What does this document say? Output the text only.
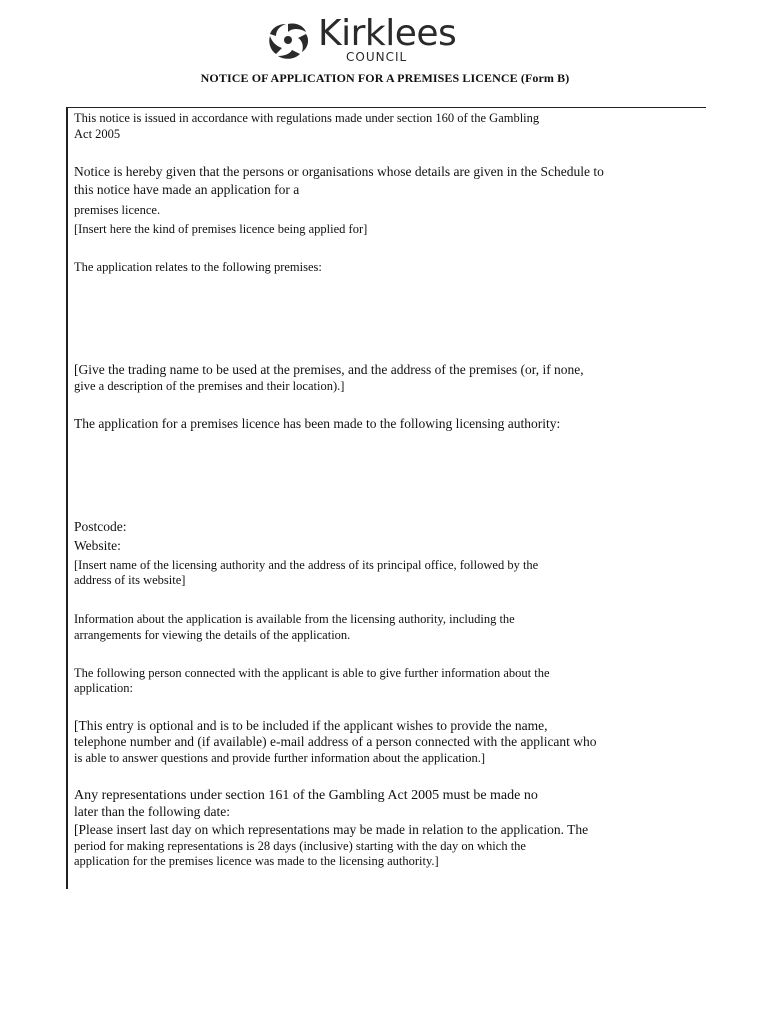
Kirklees
COUNCIL
NOTICE OF APPLICATION FOR A PREMISES LICENCE (Form B)

This notice is issued in accordance with regulations made under section 160 of the Gambling

Act 2005

Notice is hereby given that the persons or organisations whose details are given in the Schedule to

this notice have made an application for a

premises licence.

[Insert here the kind of premises licence being applied for]

The application relates to the following premises:

[Give the trading name to be used at the premises, and the address of the premises (or, if none,

give a description of the premises and their location).]

The application for a premises licence has been made to the following licensing authority:

Postcode:

Website:

[Insert name of the licensing authority and the address of its principal office, followed by the

address of its website]

Information about the application is available from the licensing authority, including the

arrangements for viewing the details of the application.

The following person connected with the applicant is able to give further information about the

application:

[This entry is optional and is to be included if the applicant wishes to provide the name,

telephone number and (if available) e-mail address of a person connected with the applicant who

is able to answer questions and provide further information about the application.]

Any representations under section 161 of the Gambling Act 2005 must be made no

later than the following date:

[Please insert last day on which representations may be made in relation to the application. The

period for making representations is 28 days (inclusive) starting with the day on which the

application for the premises licence was made to the licensing authority.]
